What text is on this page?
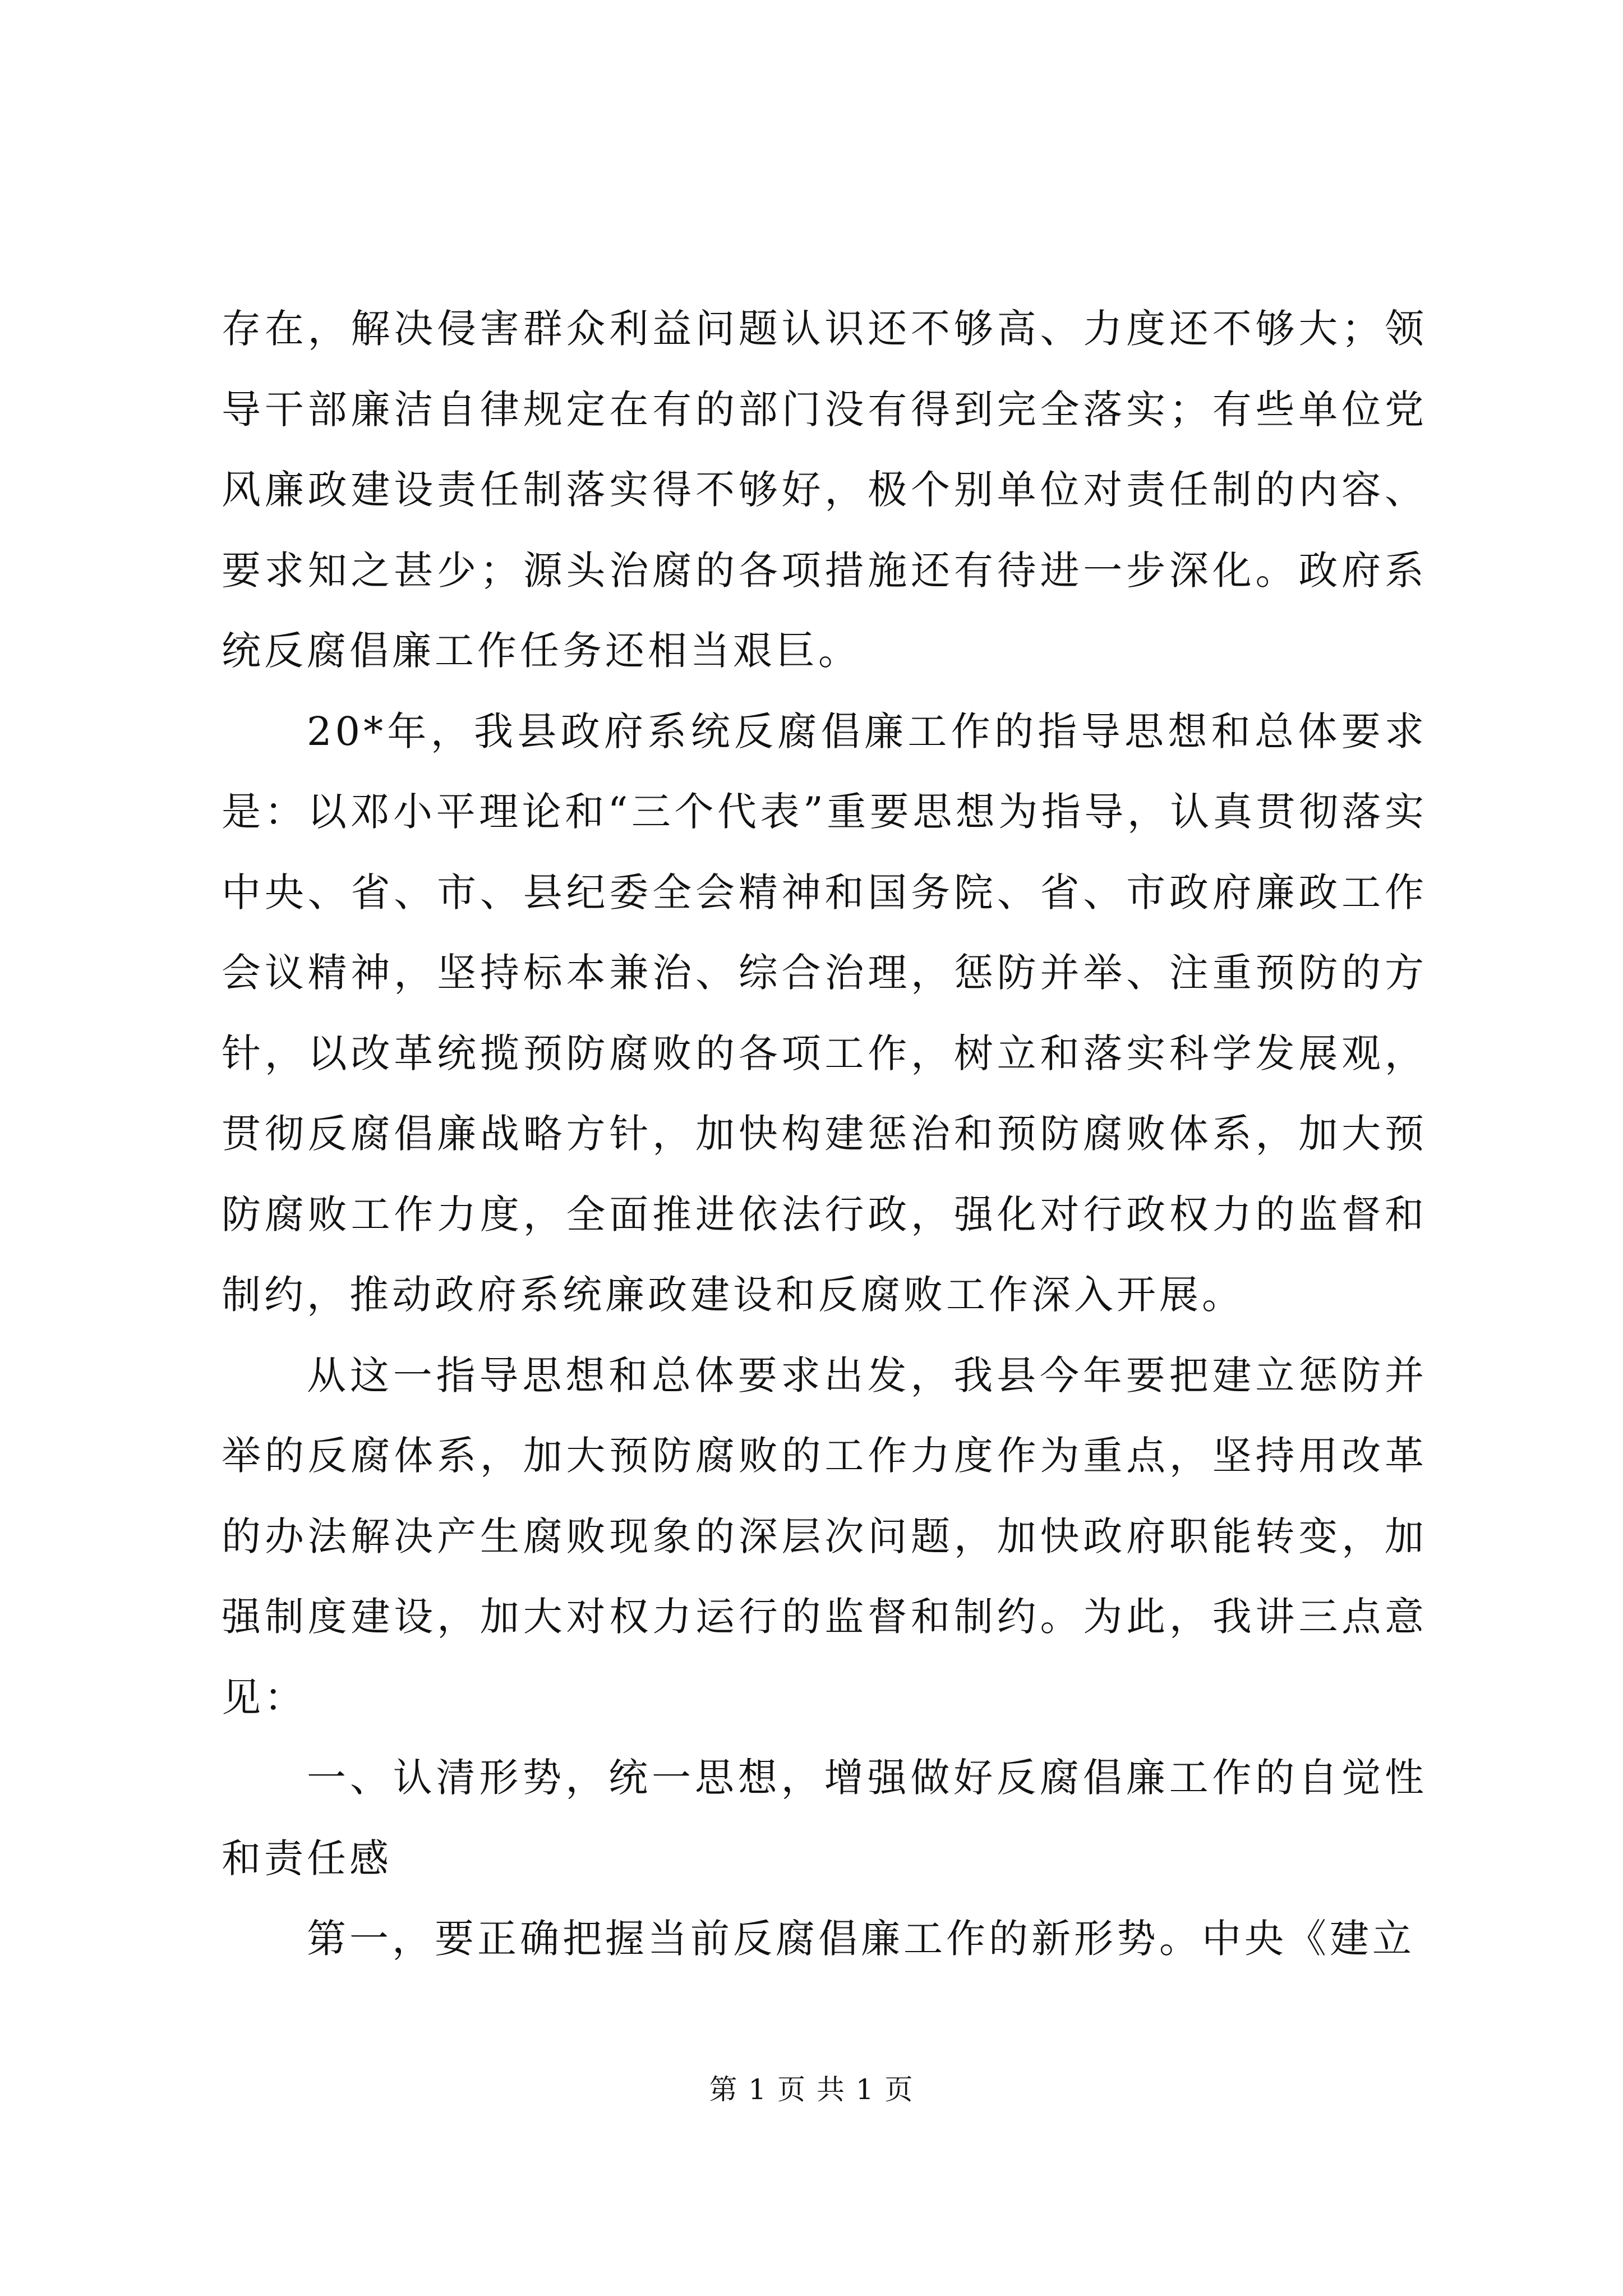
存在，解决侵害群众利益问题认识还不够高、力度还不够大；领导干部廉洁自律规定在有的部门没有得到完全落实；有些单位党风廉政建设责任制落实得不够好，极个别单位对责任制的内容、要求知之甚少；源头治腐的各项措施还有待进一步深化。政府系统反腐倡廉工作任务还相当艰巨。

20*年，我县政府系统反腐倡廉工作的指导思想和总体要求是：以邓小平理论和“三个代表”重要思想为指导，认真贯彻落实中央、省、市、县纪委全会精神和国务院、省、市政府廉政工作会议精神，坚持标本兼治、综合治理，惩防并举、注重预防的方针，以改革统揽预防腐败的各项工作，树立和落实科学发展观，贯彻反腐倡廉战略方针，加快构建惩治和预防腐败体系，加大预防腐败工作力度，全面推进依法行政，强化对行政权力的监督和制约，推动政府系统廉政建设和反腐败工作深入开展。

从这一指导思想和总体要求出发，我县今年要把建立惩防并举的反腐体系，加大预防腐败的工作力度作为重点，坚持用改革的办法解决产生腐败现象的深层次问题，加快政府职能转变，加强制度建设，加大对权力运行的监督和制约。为此，我讲三点意见：

一、认清形势，统一思想，增强做好反腐倡廉工作的自觉性和责任感

第一，要正确把握当前反腐倡廉工作的新形势。中央《建立

第 1 页 共 1 页
